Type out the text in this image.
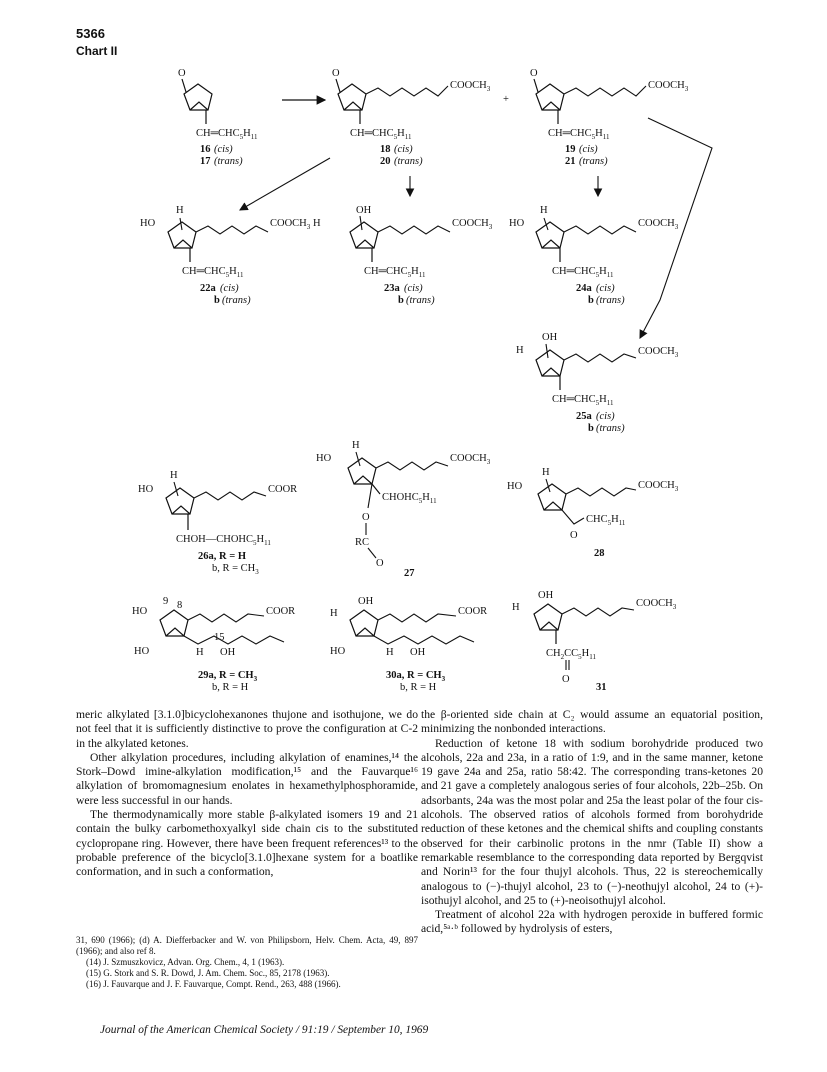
5366
Chart II
O
$CH═CHC_5H_{11}$
16 (cis)
17 (trans)
O
$COOCH_3$
$CH═CHC_5H_{11}$
18 (cis)
20 (trans)
+
O
$COOCH_3$
$CH═CHC_5H_{11}$
19 (cis)
21 (trans)
H
HO	$COOCH_3$
$CH═CHC_5H_{11}$
22a (cis)
b (trans)
OH
H	$COOCH_3$
$CH═CHC_5H_{11}$
23a (cis)
b (trans)
H
HO	$COOCH_3$
$CH═CHC_5H_{11}$
24a (cis)
b (trans)
OH
H	$COOCH_3$
$CH═CHC_5H_{11}$
25a (cis)
b (trans)
H
HO	COOR
$CHOH—CHOHC_5H_{11}$
26a, R = H
b, $R = CH_3$
H
HO	$COOCH_3$
$CHOHC_5H_{11}$
O
RC
O
27
H
HO	$COOCH_3$
$CHC_5H_{11}$
O
28
HO
9 8
COOR
15
HO	H OH
29a, $R = CH_3$
b, R = H
OH
H	COOR
HO	H OH
30a, $R = CH_3$
b, R = H
OH
H	$COOCH_3$
$CH_2CC_5H_{11}$
O
31

meric alkylated [3.1.0]bicyclohexanones thujone and isothujone, we do not feel that it is sufficiently distinctive to prove the configuration at C-2 in the alkylated ketones.

Other alkylation procedures, including alkylation of enamines,¹⁴ the Stork–Dowd imine-alkylation modification,¹⁵ and the Fauvarque¹⁶ alkylation of bromomagnesium enolates in hexamethylphosphoramide, were less successful in our hands.

The thermodynamically more stable β-alkylated isomers 19 and 21 contain the bulky carbomethoxyalkyl side chain cis to the substituted cyclopropane ring. However, there have been frequent references¹³ to the probable preference of the bicyclo[3.1.0]hexane system for a boatlike conformation, and in such a conformation,

31, 690 (1966); (d) A. Diefferbacker and W. von Philipsborn, Helv. Chem. Acta, 49, 897 (1966); and also ref 8.

(14) J. Szmuszkovicz, Advan. Org. Chem., 4, 1 (1963).

(15) G. Stork and S. R. Dowd, J. Am. Chem. Soc., 85, 2178 (1963).

(16) J. Fauvarque and J. F. Fauvarque, Compt. Rend., 263, 488 (1966).

the β-oriented side chain at C₂ would assume an equatorial position, minimizing the nonbonded interactions.

Reduction of ketone 18 with sodium borohydride produced two alcohols, 22a and 23a, in a ratio of 1:9, and in the same manner, ketone 19 gave 24a and 25a, ratio 58:42. The corresponding trans-ketones 20 and 21 gave a completely analogous series of four alcohols, 22b–25b. On adsorbants, 24a was the most polar and 25a the least polar of the four cis-alcohols. The observed ratios of alcohols formed from borohydride reduction of these ketones and the chemical shifts and coupling constants observed for their carbinolic protons in the nmr (Table II) show a remarkable resemblance to the corresponding data reported by Bergqvist and Norin¹³ for the four thujyl alcohols. Thus, 22 is stereochemically analogous to (−)-thujyl alcohol, 23 to (−)-neothujyl alcohol, 24 to (+)-isothujyl alcohol, and 25 to (+)-neoisothujyl alcohol.

Treatment of alcohol 22a with hydrogen peroxide in buffered formic acid,⁵ᵃ·ᵇ followed by hydrolysis of esters,

Journal of the American Chemical Society / 91:19 / September 10, 1969
